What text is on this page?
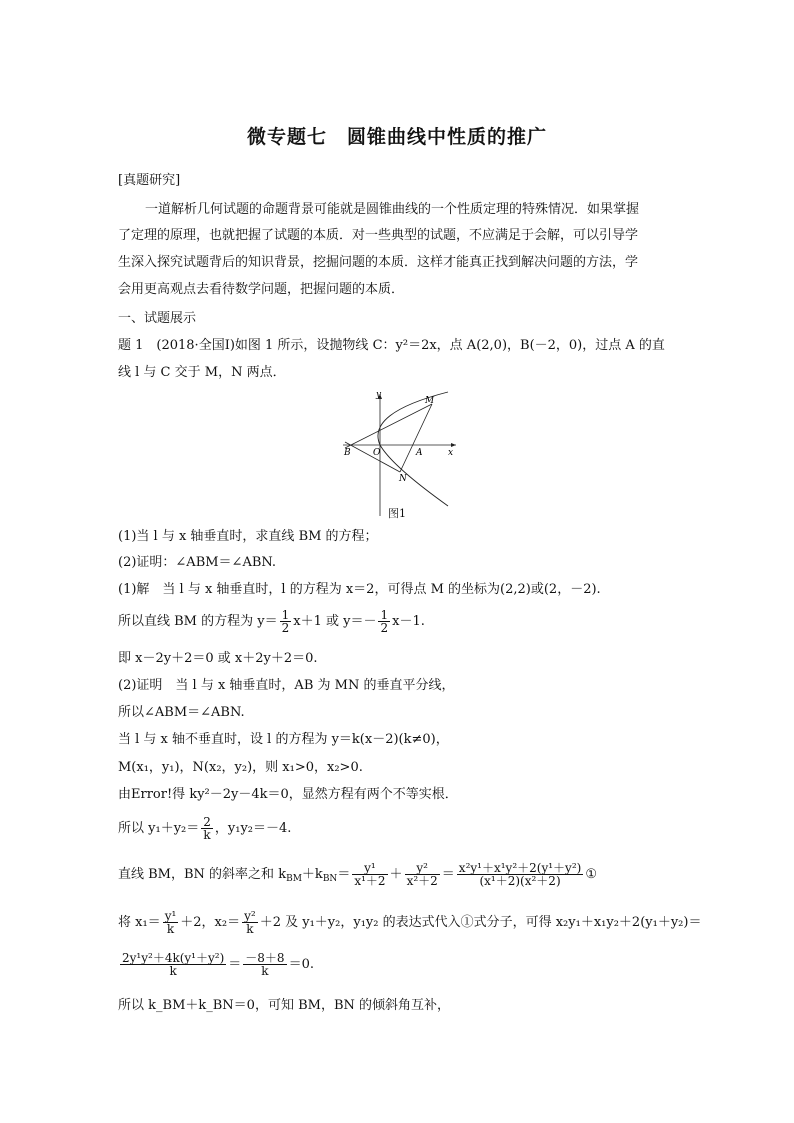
微专题七　圆锥曲线中性质的推广
[真题研究]
一道解析几何试题的命题背景可能就是圆锥曲线的一个性质定理的特殊情况．如果掌握
了定理的原理，也就把握了试题的本质．对一些典型的试题，不应满足于会解，可以引导学
生深入探究试题背后的知识背景，挖掘问题的本质．这样才能真正找到解决问题的方法，学
会用更高观点去看待数学问题，把握问题的本质．
一、试题展示
题 1　(2018·全国Ⅰ)如图 1 所示，设抛物线 C：y²＝2x，点 A(2,0)，B(－2，0)，过点 A 的直
线 l 与 C 交于 M，N 两点．
y
x
M
N
O	A
B
图1
(1)当 l 与 x 轴垂直时，求直线 BM 的方程；
(2)证明：∠ABM＝∠ABN.
(1)解　当 l 与 x 轴垂直时，l 的方程为 x＝2，可得点 M 的坐标为(2,2)或(2，－2).
所以直线 BM 的方程为 $y= \frac{1}{2} x+1$ 或 $y=- \frac{1}{2} x-1$.
即 x－2y＋2＝0 或 x＋2y＋2＝0.
(2)证明　当 l 与 x 轴垂直时，AB 为 MN 的垂直平分线，
所以∠ABM＝∠ABN.
当 l 与 x 轴不垂直时，设 l 的方程为 y＝k(x－2)(k≠0)，
M(x₁，y₁)，N(x₂，y₂)，则 x₁>0，x₂>0.
由Error!得 ky²－2y－4k＝0，显然方程有两个不等实根．
所以 $y_1+y_2= \frac{2}{k}$ ，y₁y₂＝－4.
直线 BM，BN 的斜率之和 $k_{BM}+k_{BN}= \frac{\text{y¹}}{\text{x¹＋2}} + \frac{\text{y²}}{\text{x²＋2}} = \frac{\text{x²y¹＋x¹y²＋2(y¹＋y²)}}{\text{(x¹＋2)(x²＋2)}}$ ①
将 $x_1= \frac{\text{y¹}}{k} +2$，$x_2= \frac{\text{y²}}{k} +2$ 及 y₁＋y₂，y₁y₂ 的表达式代入①式分子，可得 x₂y₁＋x₁y₂＋2(y₁＋y₂)＝
$\frac{\text{2y¹y²＋4k(y¹＋y²)}}{k} = \frac{-8+8}{k} =0$.
所以 k_BM＋k_BN＝0，可知 BM，BN 的倾斜角互补，
